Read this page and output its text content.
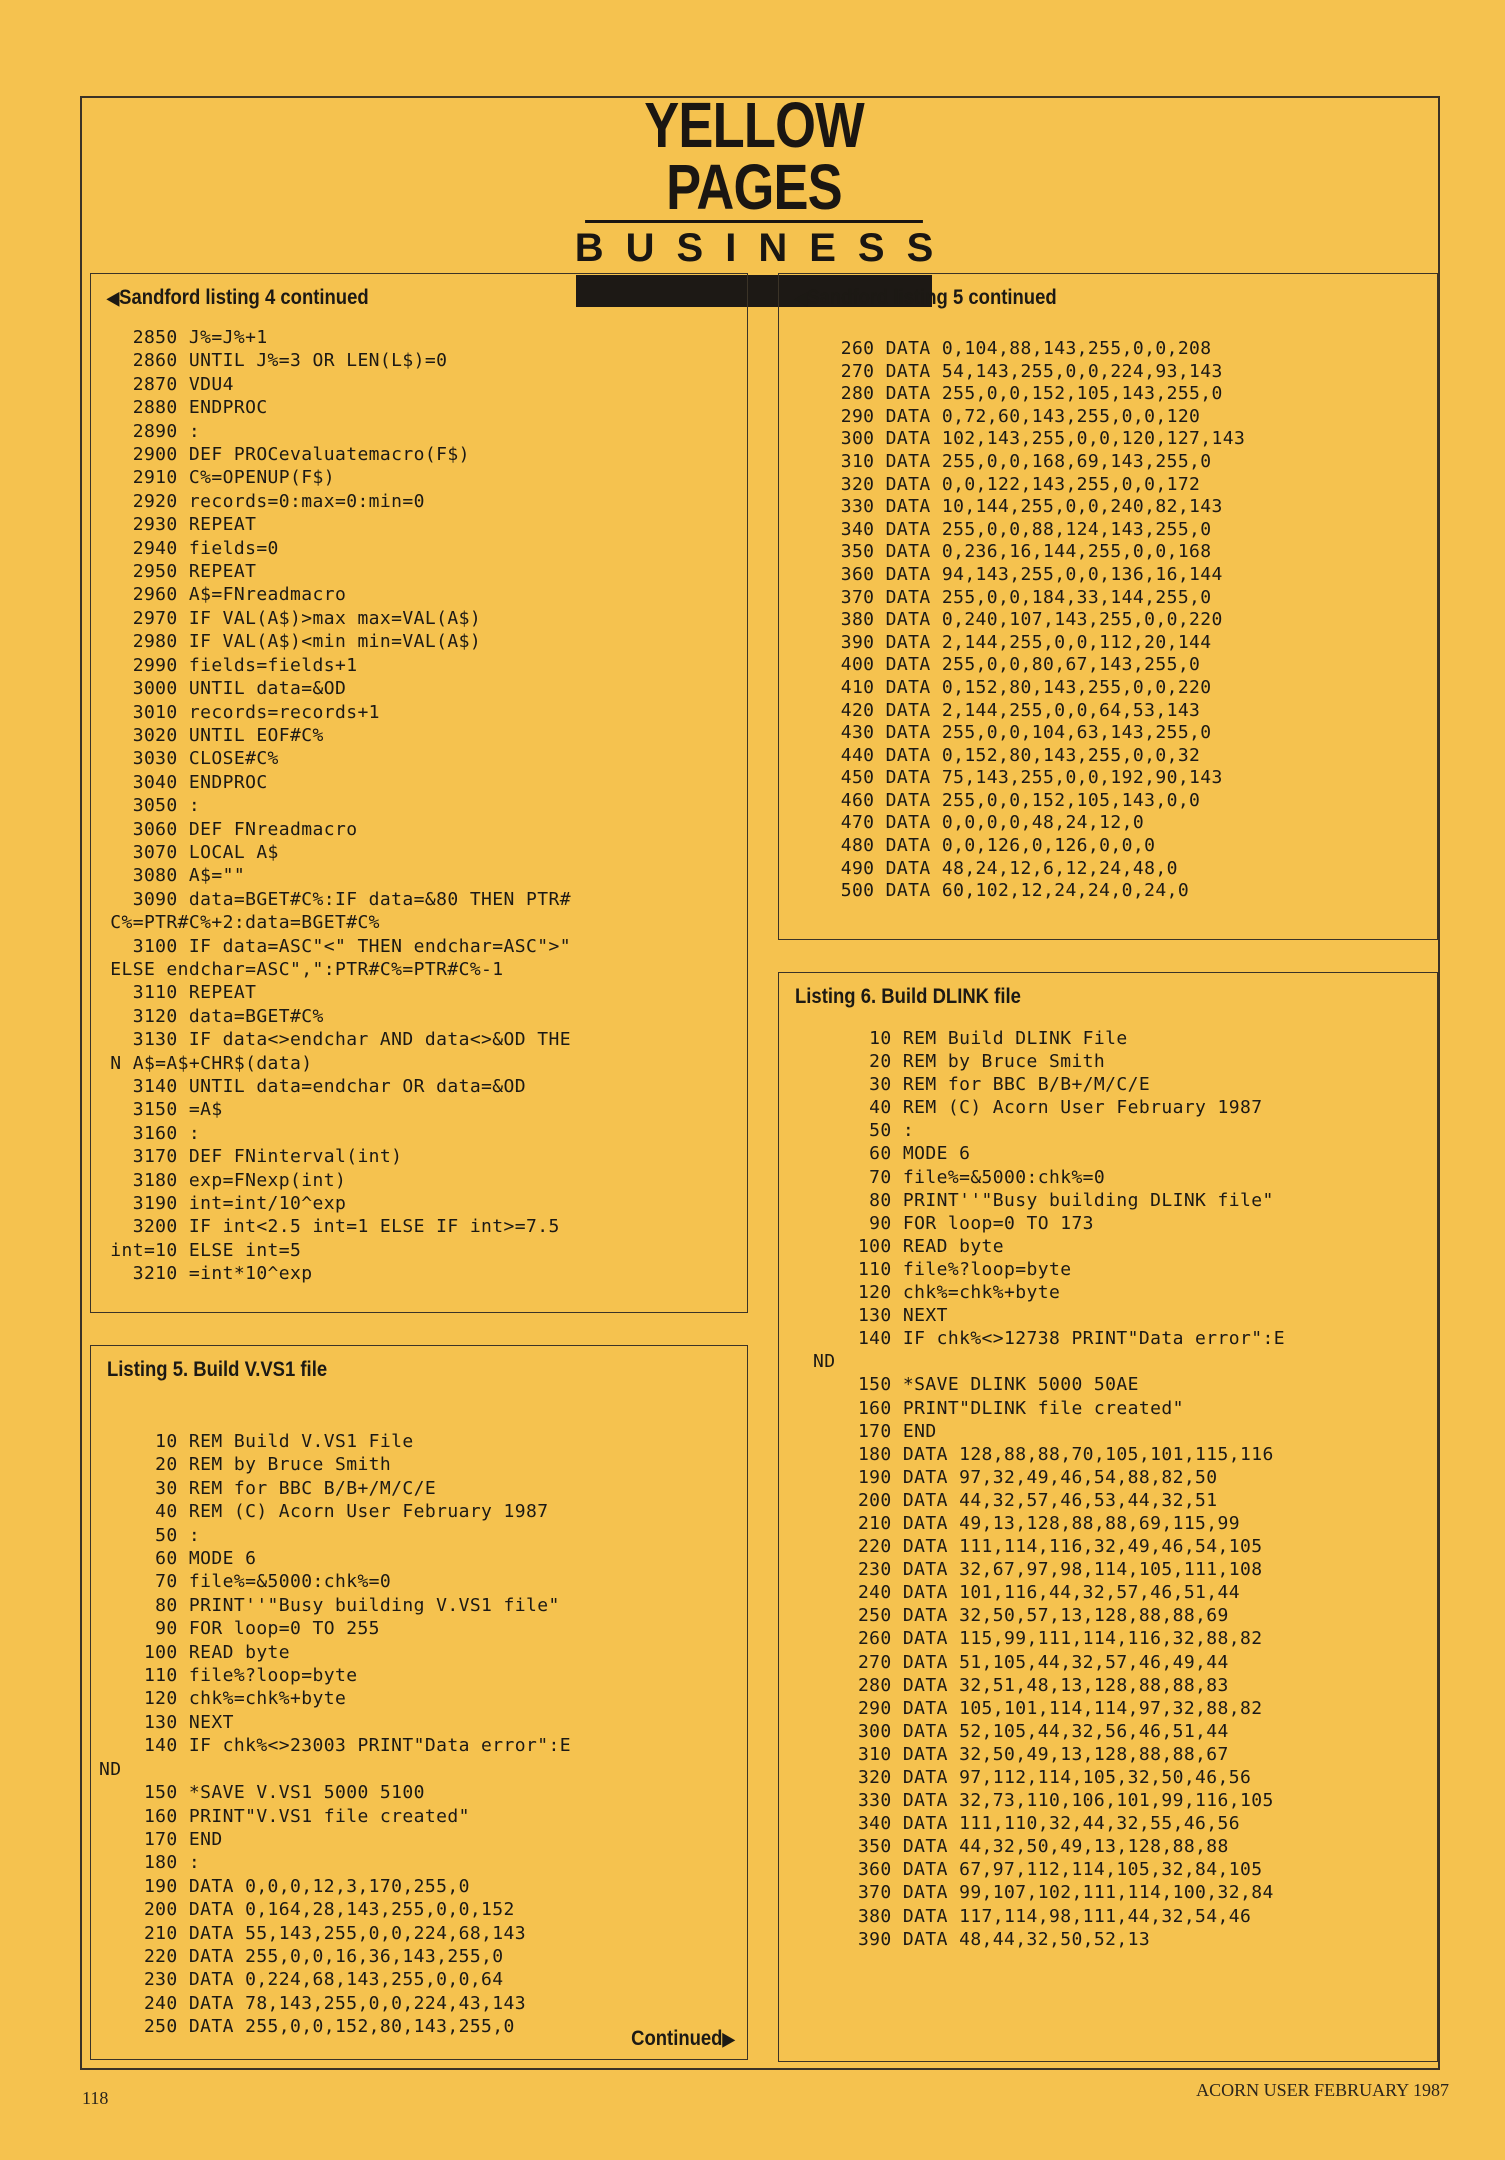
YELLOW PAGES
BUSINESS
◀Sandford listing 4 continued
2850 J%=J%+1
2860 UNTIL J%=3 OR LEN(L$)=0
2870 VDU4
2880 ENDPROC
2890 :
2900 DEF PROCevaluatemacro(F$)
2910 C%=OPENUP(F$)
2920 records=0:max=0:min=0
2930 REPEAT
2940 fields=0
2950 REPEAT
2960 A$=FNreadmacro
2970 IF VAL(A$)>max max=VAL(A$)
2980 IF VAL(A$)<min min=VAL(A$)
2990 fields=fields+1
3000 UNTIL data=&OD
3010 records=records+1
3020 UNTIL EOF#C%
3030 CLOSE#C%
3040 ENDPROC
3050 :
3060 DEF FNreadmacro
3070 LOCAL A$
3080 A$=""
3090 data=BGET#C%:IF data=&80 THEN PTR#
C%=PTR#C%+2:data=BGET#C%
3100 IF data=ASC"<" THEN endchar=ASC">"
ELSE endchar=ASC",":PTR#C%=PTR#C%-1
3110 REPEAT
3120 data=BGET#C%
3130 IF data<>endchar AND data<>&OD THE
N A$=A$+CHR$(data)
3140 UNTIL data=endchar OR data=&OD
3150 =A$
3160 :
3170 DEF FNinterval(int)
3180 exp=FNexp(int)
3190 int=int/10^exp
3200 IF int<2.5 int=1 ELSE IF int>=7.5
int=10 ELSE int=5
3210 =int*10^exp
Listing 5. Build V.VS1 file
10 REM Build V.VS1 File
20 REM by Bruce Smith
30 REM for BBC B/B+/M/C/E
40 REM (C) Acorn User February 1987
50 :
60 MODE 6
70 file%=&5000:chk%=0
80 PRINT''"Busy building V.VS1 file"
90 FOR loop=0 TO 255
100 READ byte
110 file%?loop=byte
120 chk%=chk%+byte
130 NEXT
140 IF chk%<>23003 PRINT"Data error":E
ND
150 *SAVE V.VS1 5000 5100
160 PRINT"V.VS1 file created"
170 END
180 :
190 DATA 0,0,0,12,3,170,255,0
200 DATA 0,164,28,143,255,0,0,152
210 DATA 55,143,255,0,0,224,68,143
220 DATA 255,0,0,16,36,143,255,0
230 DATA 0,224,68,143,255,0,0,64
240 DATA 78,143,255,0,0,224,43,143
250 DATA 255,0,0,152,80,143,255,0
Continued▶
◀Sandford listing 5 continued
260 DATA 0,104,88,143,255,0,0,208
270 DATA 54,143,255,0,0,224,93,143
280 DATA 255,0,0,152,105,143,255,0
290 DATA 0,72,60,143,255,0,0,120
300 DATA 102,143,255,0,0,120,127,143
310 DATA 255,0,0,168,69,143,255,0
320 DATA 0,0,122,143,255,0,0,172
330 DATA 10,144,255,0,0,240,82,143
340 DATA 255,0,0,88,124,143,255,0
350 DATA 0,236,16,144,255,0,0,168
360 DATA 94,143,255,0,0,136,16,144
370 DATA 255,0,0,184,33,144,255,0
380 DATA 0,240,107,143,255,0,0,220
390 DATA 2,144,255,0,0,112,20,144
400 DATA 255,0,0,80,67,143,255,0
410 DATA 0,152,80,143,255,0,0,220
420 DATA 2,144,255,0,0,64,53,143
430 DATA 255,0,0,104,63,143,255,0
440 DATA 0,152,80,143,255,0,0,32
450 DATA 75,143,255,0,0,192,90,143
460 DATA 255,0,0,152,105,143,0,0
470 DATA 0,0,0,0,48,24,12,0
480 DATA 0,0,126,0,126,0,0,0
490 DATA 48,24,12,6,12,24,48,0
500 DATA 60,102,12,24,24,0,24,0
Listing 6. Build DLINK file
10 REM Build DLINK File
20 REM by Bruce Smith
30 REM for BBC B/B+/M/C/E
40 REM (C) Acorn User February 1987
50 :
60 MODE 6
70 file%=&5000:chk%=0
80 PRINT''"Busy building DLINK file"
90 FOR loop=0 TO 173
100 READ byte
110 file%?loop=byte
120 chk%=chk%+byte
130 NEXT
140 IF chk%<>12738 PRINT"Data error":E
ND
150 *SAVE DLINK 5000 50AE
160 PRINT"DLINK file created"
170 END
180 DATA 128,88,88,70,105,101,115,116
190 DATA 97,32,49,46,54,88,82,50
200 DATA 44,32,57,46,53,44,32,51
210 DATA 49,13,128,88,88,69,115,99
220 DATA 111,114,116,32,49,46,54,105
230 DATA 32,67,97,98,114,105,111,108
240 DATA 101,116,44,32,57,46,51,44
250 DATA 32,50,57,13,128,88,88,69
260 DATA 115,99,111,114,116,32,88,82
270 DATA 51,105,44,32,57,46,49,44
280 DATA 32,51,48,13,128,88,88,83
290 DATA 105,101,114,114,97,32,88,82
300 DATA 52,105,44,32,56,46,51,44
310 DATA 32,50,49,13,128,88,88,67
320 DATA 97,112,114,105,32,50,46,56
330 DATA 32,73,110,106,101,99,116,105
340 DATA 111,110,32,44,32,55,46,56
350 DATA 44,32,50,49,13,128,88,88
360 DATA 67,97,112,114,105,32,84,105
370 DATA 99,107,102,111,114,100,32,84
380 DATA 117,114,98,111,44,32,54,46
390 DATA 48,44,32,50,52,13
118	ACORN USER FEBRUARY 1987
